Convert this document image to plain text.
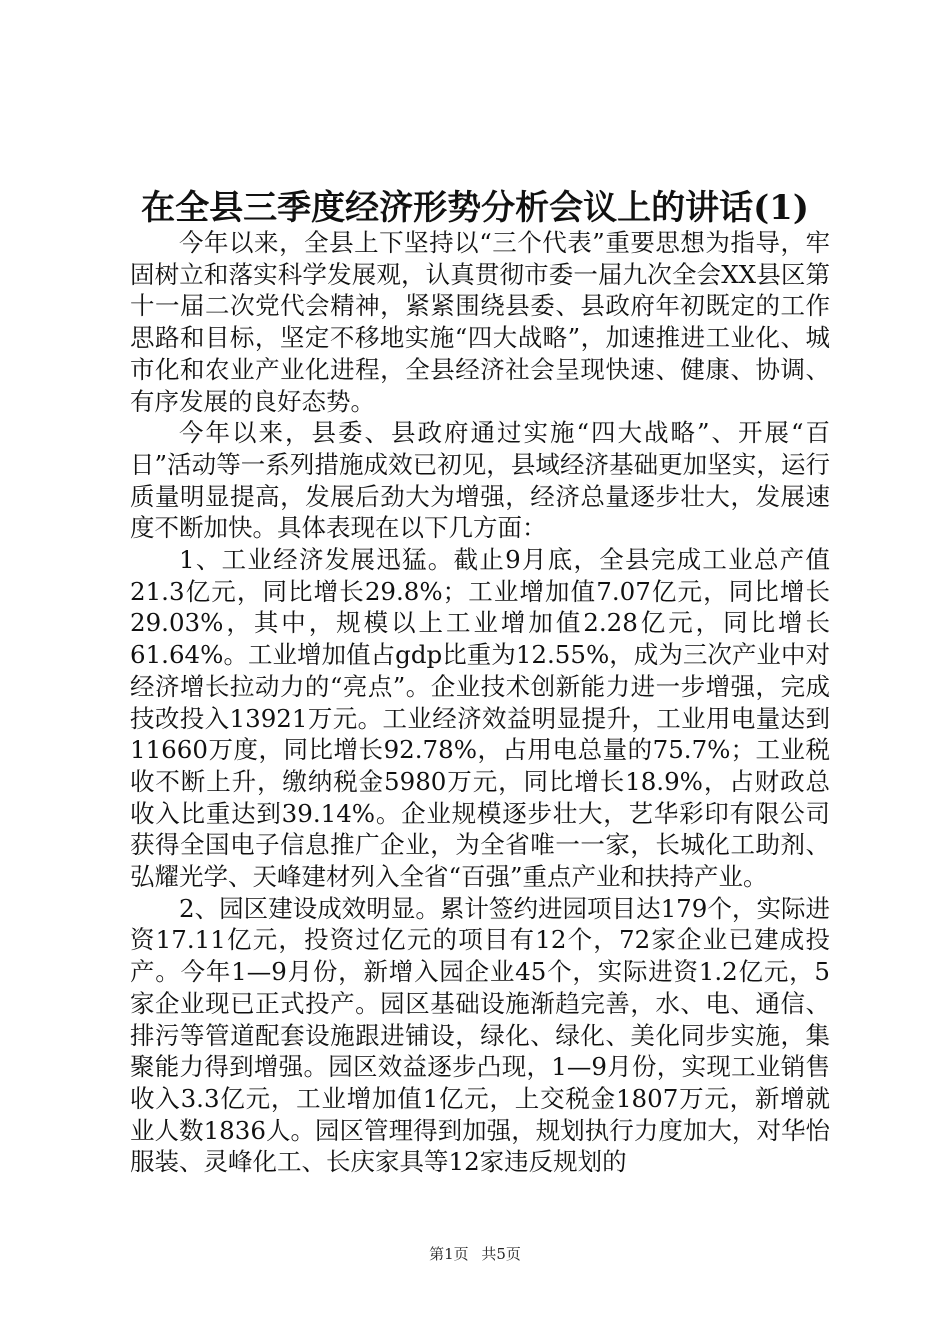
在全县三季度经济形势分析会议上的讲话(1)

今年以来，全县上下坚持以“三个代表”重要思想为指导，牢固树立和落实科学发展观，认真贯彻市委一届九次全会XX县区第十一届二次党代会精神，紧紧围绕县委、县政府年初既定的工作思路和目标，坚定不移地实施“四大战略”，加速推进工业化、城市化和农业产业化进程，全县经济社会呈现快速、健康、协调、有序发展的良好态势。

今年以来，县委、县政府通过实施“四大战略”、开展“百日”活动等一系列措施成效已初见，县域经济基础更加坚实，运行质量明显提高，发展后劲大为增强，经济总量逐步壮大，发展速度不断加快。具体表现在以下几方面：

1、工业经济发展迅猛。截止9月底，全县完成工业总产值21.3亿元，同比增长29.8%；工业增加值7.07亿元，同比增长29.03%，其中，规模以上工业增加值2.28亿元，同比增长61.64%。工业增加值占gdp比重为12.55%，成为三次产业中对经济增长拉动力的“亮点”。企业技术创新能力进一步增强，完成技改投入13921万元。工业经济效益明显提升，工业用电量达到11660万度，同比增长92.78%，占用电总量的75.7%；工业税收不断上升，缴纳税金5980万元，同比增长18.9%，占财政总收入比重达到39.14%。企业规模逐步壮大，艺华彩印有限公司获得全国电子信息推广企业，为全省唯一一家，长城化工助剂、弘耀光学、天峰建材列入全省“百强”重点产业和扶持产业。

2、园区建设成效明显。累计签约进园项目达179个，实际进资17.11亿元，投资过亿元的项目有12个，72家企业已建成投产。今年1—9月份，新增入园企业45个，实际进资1.2亿元，5家企业现已正式投产。园区基础设施渐趋完善，水、电、通信、排污等管道配套设施跟进铺设，绿化、绿化、美化同步实施，集聚能力得到增强。园区效益逐步凸现，1—9月份，实现工业销售收入3.3亿元，工业增加值1亿元，上交税金1807万元，新增就业人数1836人。园区管理得到加强，规划执行力度加大，对华怡服装、灵峰化工、长庆家具等12家违反规划的

第1页 共5页
